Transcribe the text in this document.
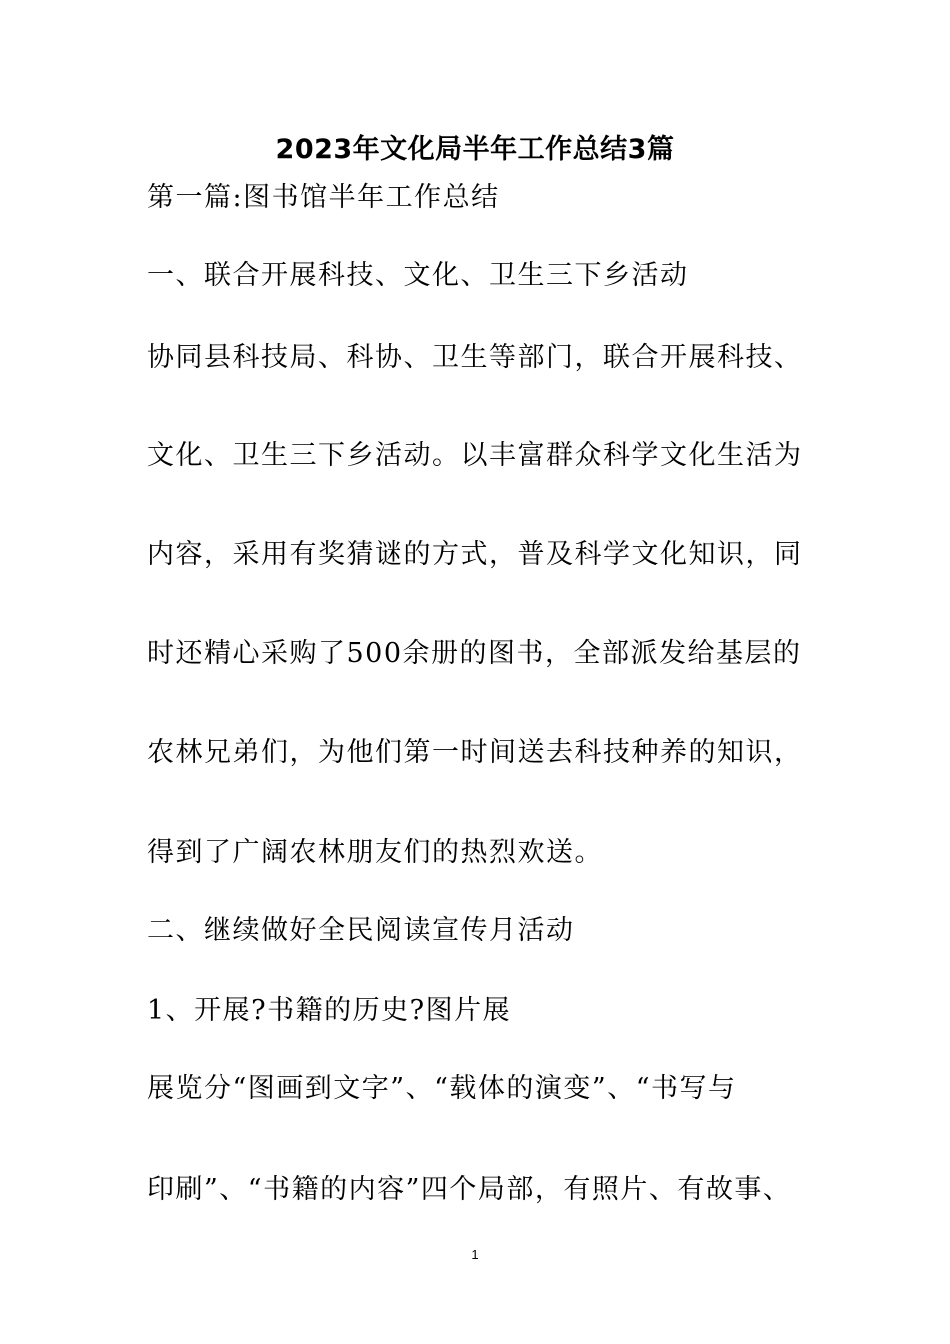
2023年文化局半年工作总结3篇
第一篇:图书馆半年工作总结
一、联合开展科技、文化、卫生三下乡活动
协同县科技局、科协、卫生等部门，联合开展科技、
文化、卫生三下乡活动。以丰富群众科学文化生活为
内容，采用有奖猜谜的方式，普及科学文化知识，同
时还精心采购了500余册的图书，全部派发给基层的
农林兄弟们，为他们第一时间送去科技种养的知识，
得到了广阔农林朋友们的热烈欢送。
二、继续做好全民阅读宣传月活动
1、开展?书籍的历史?图片展
展览分“图画到文字”、“载体的演变”、“书写与
印刷”、“书籍的内容”四个局部，有照片、有故事、
1
